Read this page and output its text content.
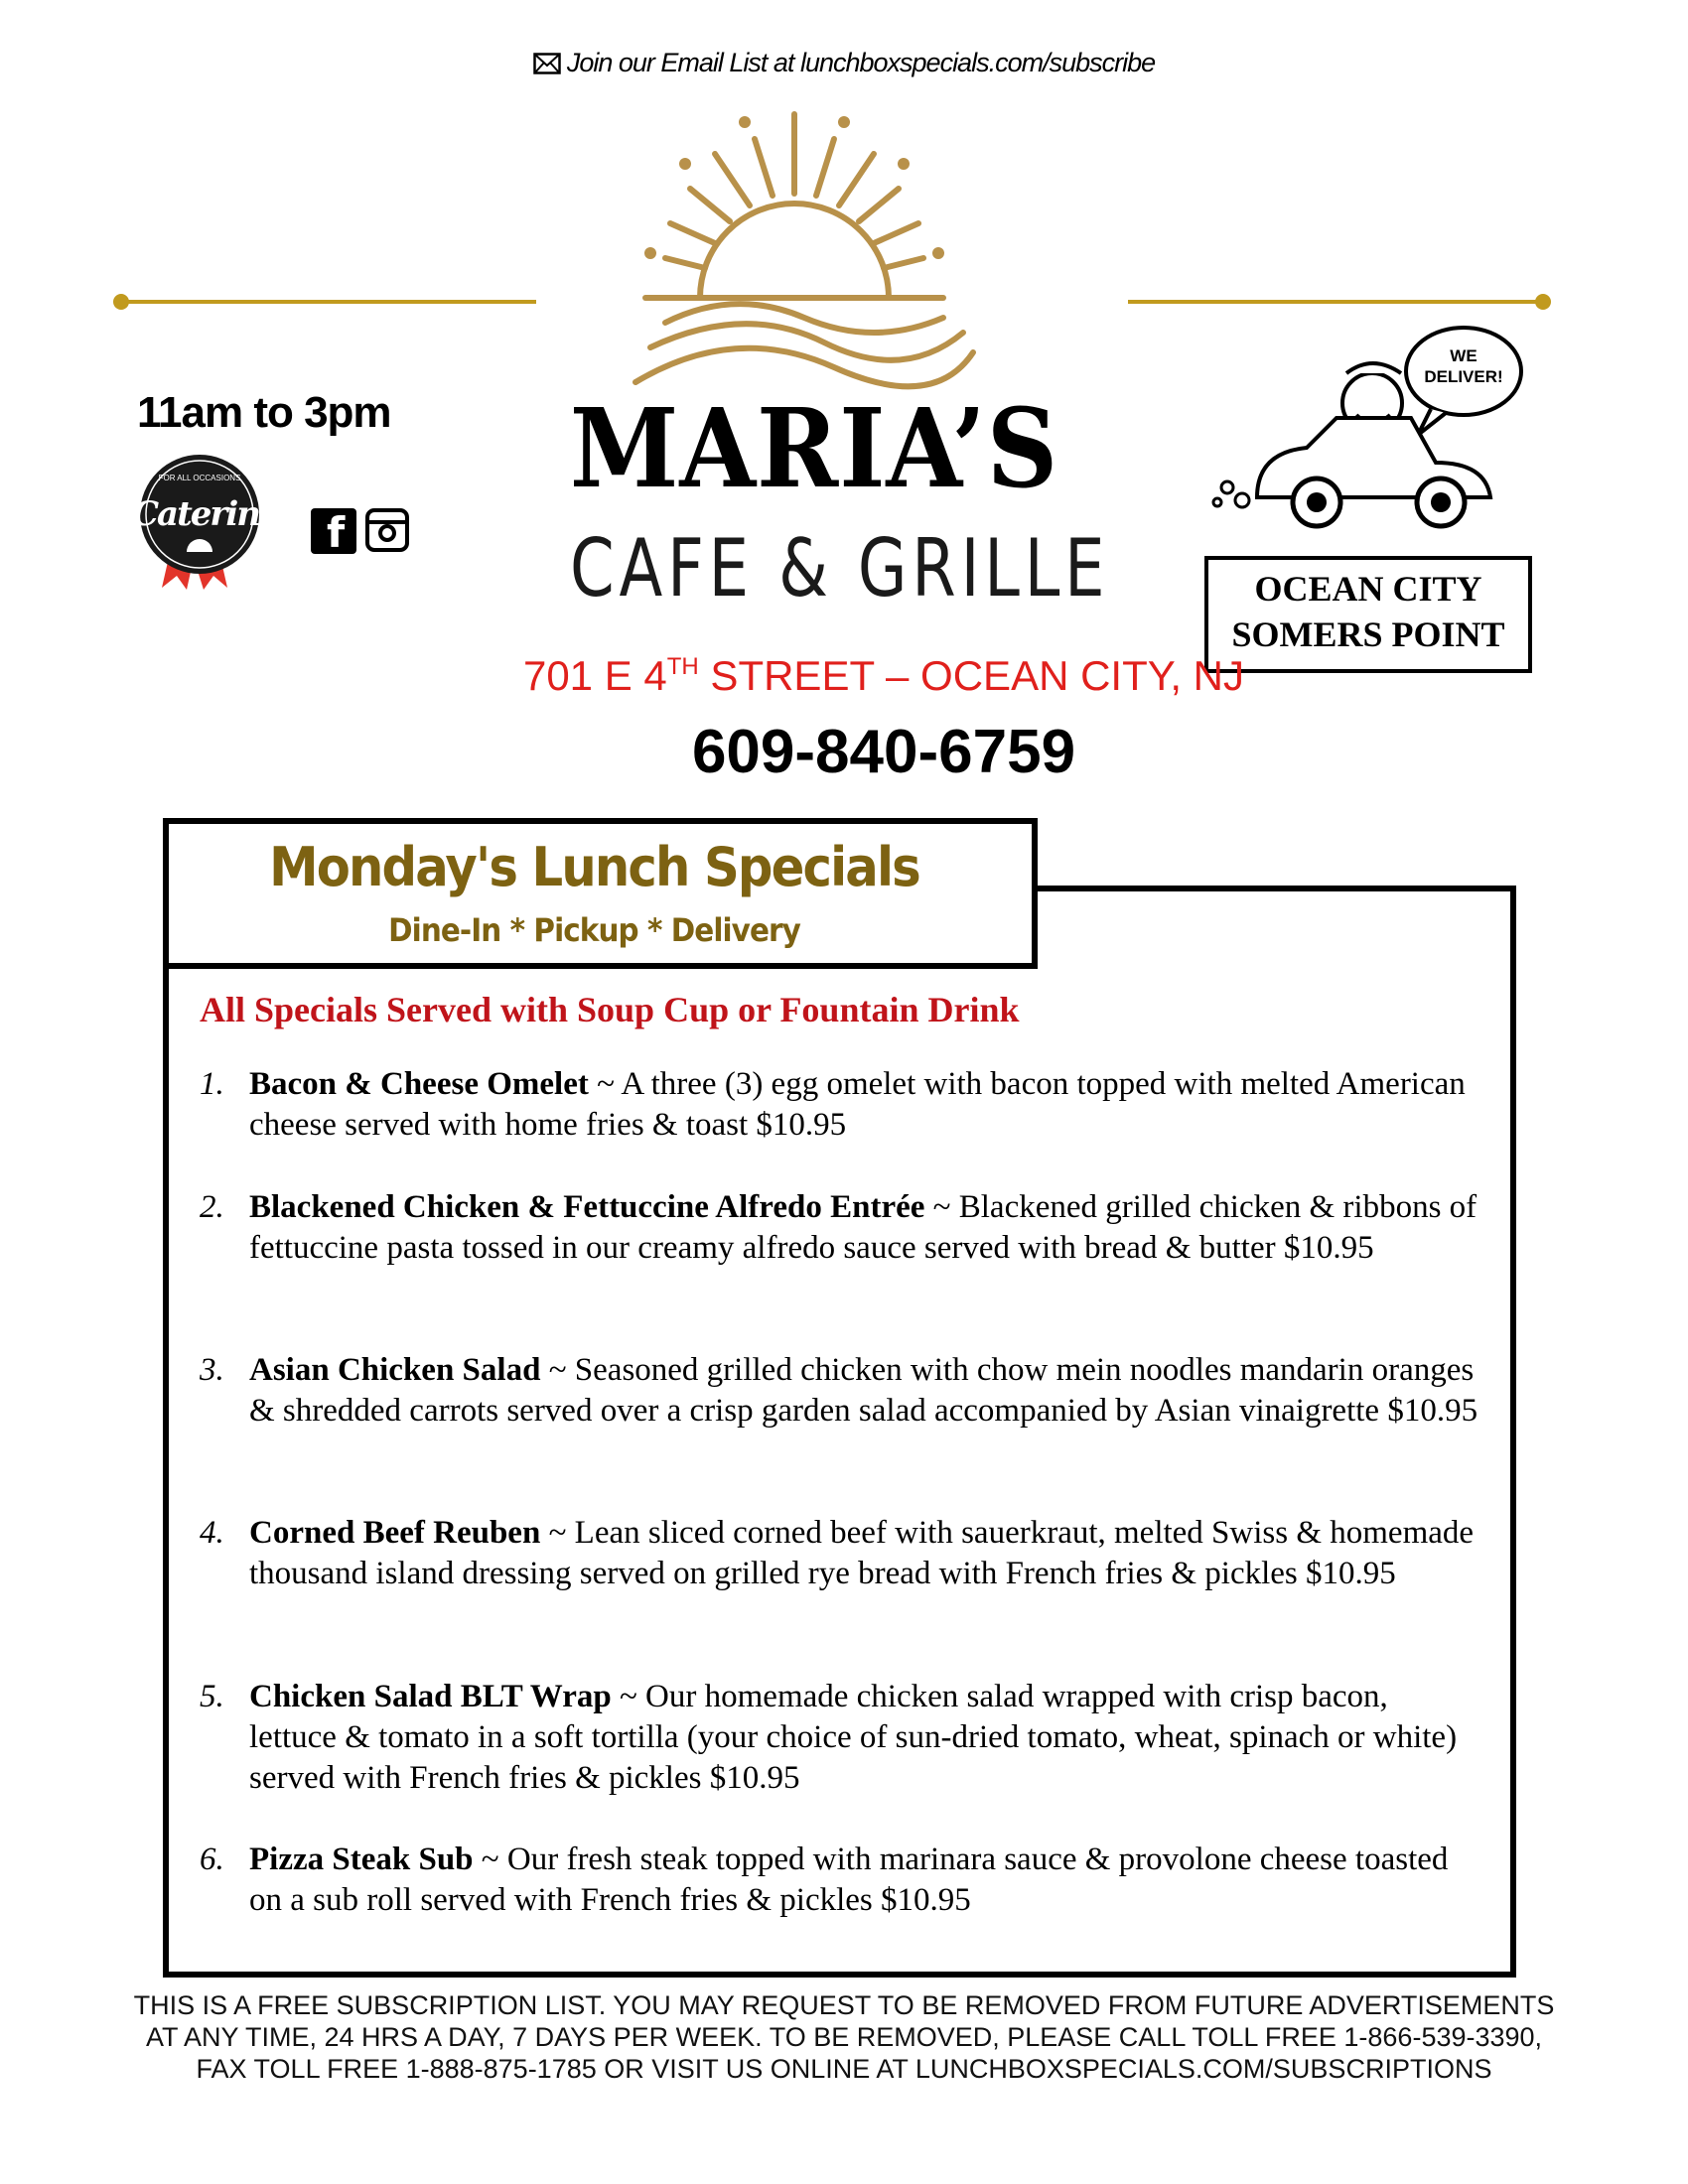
Join our Email List at lunchboxspecials.com/subscribe
11am to 3pm
FOR ALL OCCASIONS
Catering f
MARIA’S
CAFE & GRILLE
WE DELIVER!
OCEAN CITY
SOMERS POINT
701 E 4TH STREET – OCEAN CITY, NJ
609-840-6759
Monday's Lunch Specials
Dine-In * Pickup * Delivery
All Specials Served with Soup Cup or Fountain Drink
1. Bacon & Cheese Omelet ~ A three (3) egg omelet with bacon topped with melted American cheese served with home fries & toast $10.95
2. Blackened Chicken & Fettuccine Alfredo Entrée ~ Blackened grilled chicken & ribbons of fettuccine pasta tossed in our creamy alfredo sauce served with bread & butter $10.95
3. Asian Chicken Salad ~ Seasoned grilled chicken with chow mein noodles mandarin oranges & shredded carrots served over a crisp garden salad accompanied by Asian vinaigrette $10.95
4. Corned Beef Reuben ~ Lean sliced corned beef with sauerkraut, melted Swiss & homemade thousand island dressing served on grilled rye bread with French fries & pickles $10.95
5. Chicken Salad BLT Wrap ~ Our homemade chicken salad wrapped with crisp bacon, lettuce & tomato in a soft tortilla (your choice of sun-dried tomato, wheat, spinach or white) served with French fries & pickles $10.95
6. Pizza Steak Sub ~ Our fresh steak topped with marinara sauce & provolone cheese toasted on a sub roll served with French fries & pickles $10.95
THIS IS A FREE SUBSCRIPTION LIST. YOU MAY REQUEST TO BE REMOVED FROM FUTURE ADVERTISEMENTS
AT ANY TIME, 24 HRS A DAY, 7 DAYS PER WEEK. TO BE REMOVED, PLEASE CALL TOLL FREE 1-866-539-3390,
FAX TOLL FREE 1-888-875-1785 OR VISIT US ONLINE AT LUNCHBOXSPECIALS.COM/SUBSCRIPTIONS
